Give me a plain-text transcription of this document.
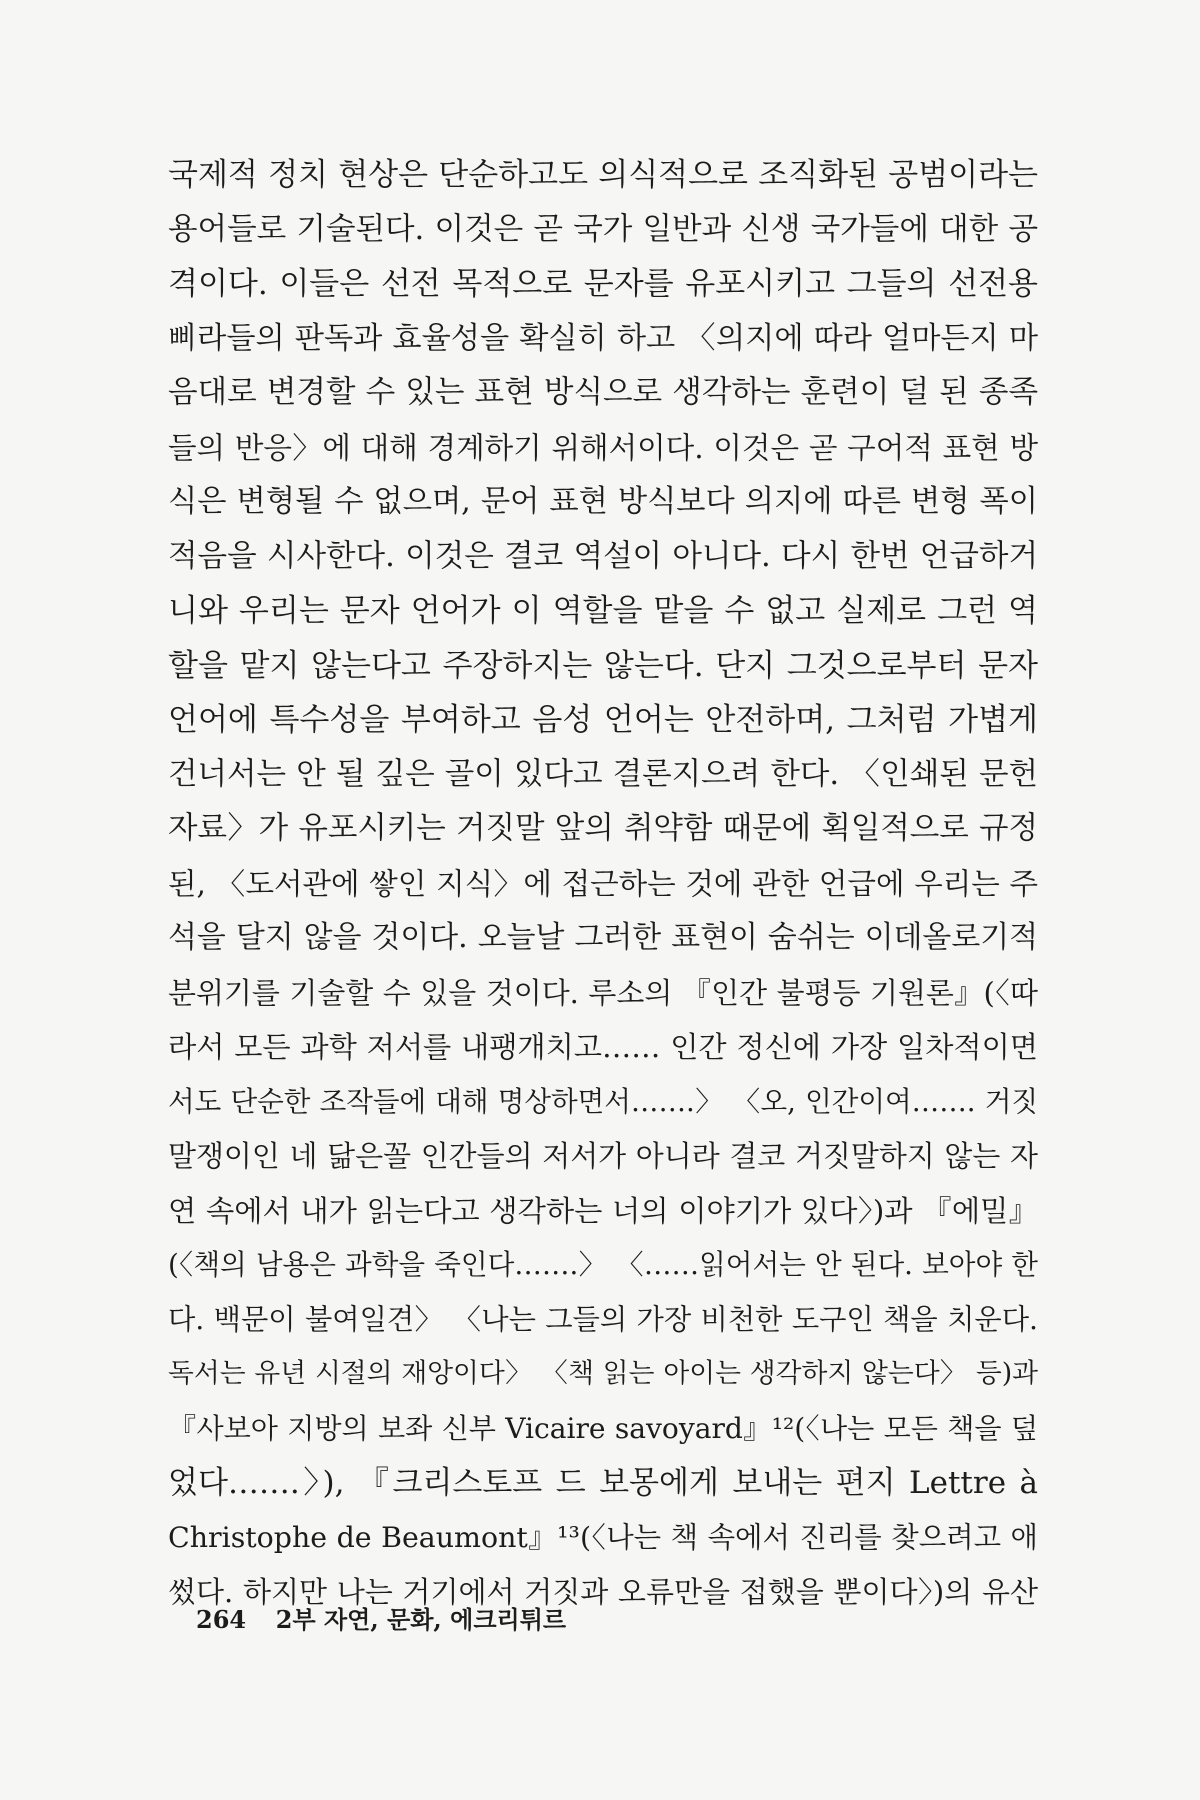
국제적 정치 현상은 단순하고도 의식적으로 조직화된 공범이라는
용어들로 기술된다. 이것은 곧 국가 일반과 신생 국가들에 대한 공
격이다. 이들은 선전 목적으로 문자를 유포시키고 그들의 선전용
삐라들의 판독과 효율성을 확실히 하고 〈의지에 따라 얼마든지 마
음대로 변경할 수 있는 표현 방식으로 생각하는 훈련이 덜 된 종족
들의 반응〉에 대해 경계하기 위해서이다. 이것은 곧 구어적 표현 방
식은 변형될 수 없으며, 문어 표현 방식보다 의지에 따른 변형 폭이
적음을 시사한다. 이것은 결코 역설이 아니다. 다시 한번 언급하거
니와 우리는 문자 언어가 이 역할을 맡을 수 없고 실제로 그런 역
할을 맡지 않는다고 주장하지는 않는다. 단지 그것으로부터 문자
언어에 특수성을 부여하고 음성 언어는 안전하며, 그처럼 가볍게
건너서는 안 될 깊은 골이 있다고 결론지으려 한다. 〈인쇄된 문헌
자료〉가 유포시키는 거짓말 앞의 취약함 때문에 획일적으로 규정
된, 〈도서관에 쌓인 지식〉에 접근하는 것에 관한 언급에 우리는 주
석을 달지 않을 것이다. 오늘날 그러한 표현이 숨쉬는 이데올로기적
분위기를 기술할 수 있을 것이다. 루소의 『인간 불평등 기원론』(〈따
라서 모든 과학 저서를 내팽개치고…… 인간 정신에 가장 일차적이면
서도 단순한 조작들에 대해 명상하면서…….〉 〈오, 인간이여……. 거짓
말쟁이인 네 닮은꼴 인간들의 저서가 아니라 결코 거짓말하지 않는 자
연 속에서 내가 읽는다고 생각하는 너의 이야기가 있다〉)과 『에밀』
(〈책의 남용은 과학을 죽인다…….〉 〈……읽어서는 안 된다. 보아야 한
다. 백문이 불여일견〉 〈나는 그들의 가장 비천한 도구인 책을 치운다.
독서는 유년 시절의 재앙이다〉 〈책 읽는 아이는 생각하지 않는다〉 등)과
『사보아 지방의 보좌 신부 Vicaire savoyard』¹²(〈나는 모든 책을 덮
었다…….〉), 『크리스토프 드 보몽에게 보내는 편지 Lettre à
Christophe de Beaumont』¹³(〈나는 책 속에서 진리를 찾으려고 애
썼다. 하지만 나는 거기에서 거짓과 오류만을 접했을 뿐이다〉)의 유산
264 2부 자연, 문화, 에크리튀르
